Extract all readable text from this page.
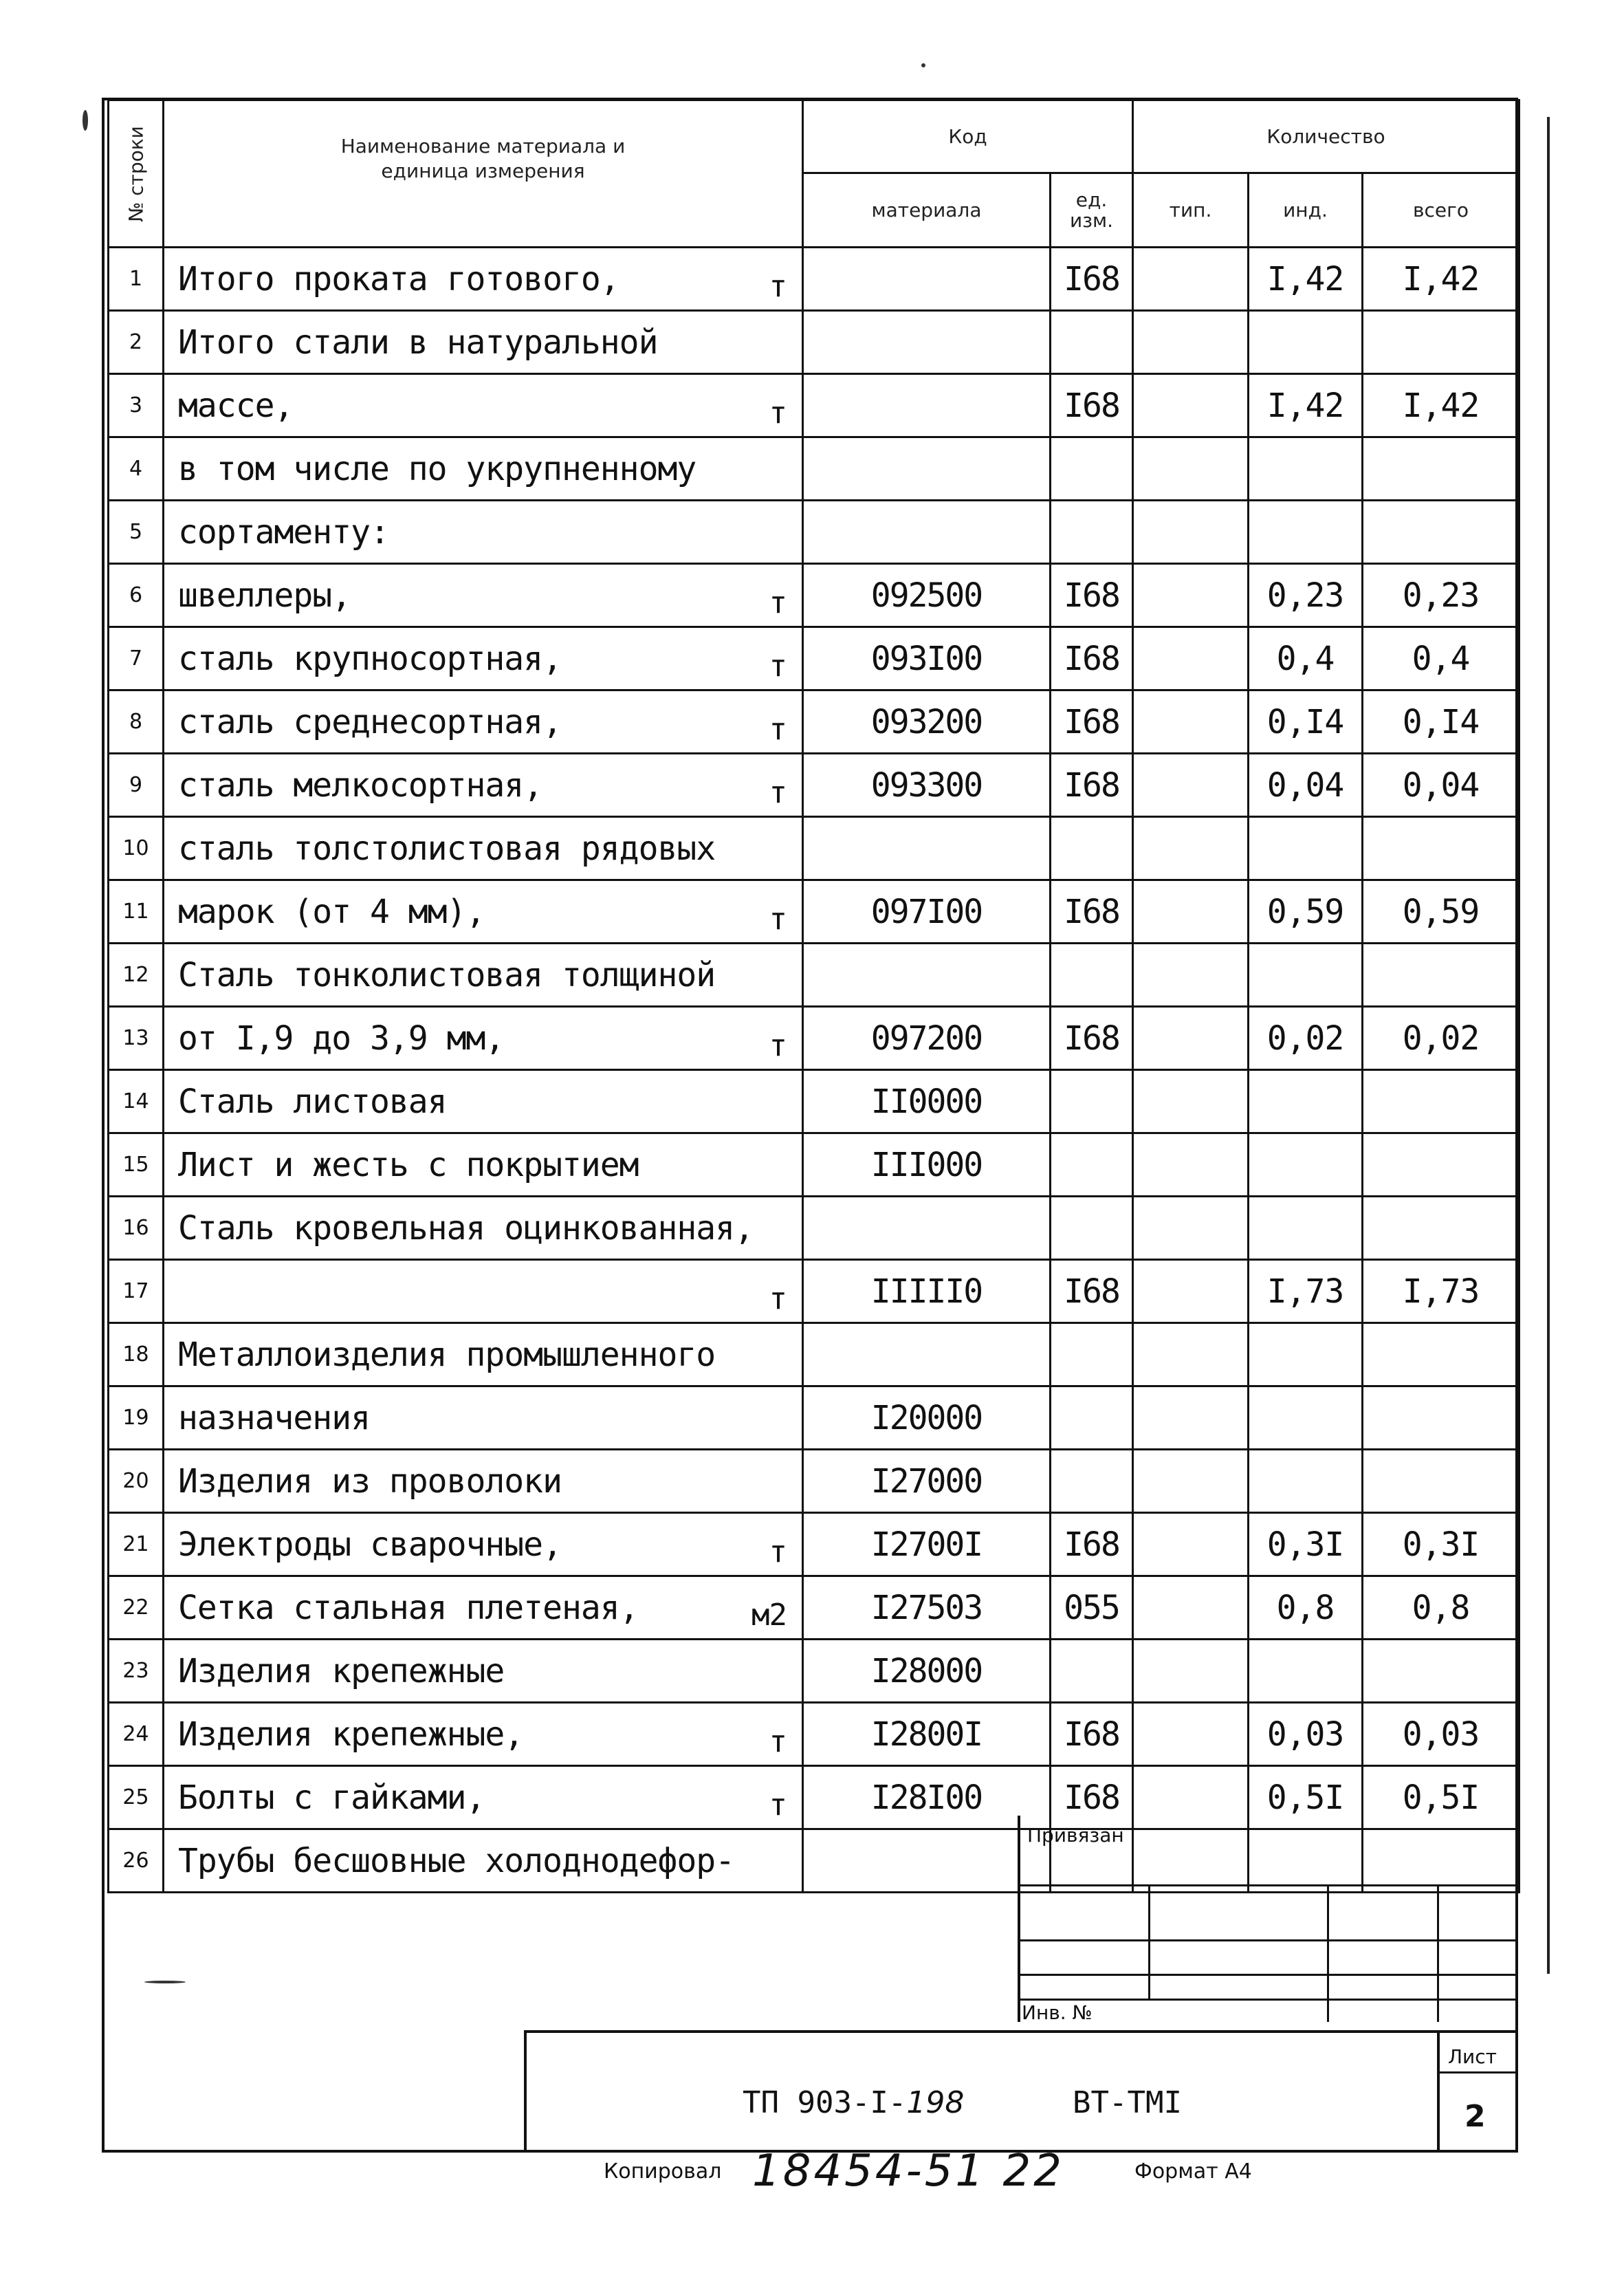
№ строки	Наименование материала и единица измерения	Код		Количество		
		материала	ед. изм.	тип.	инд.	всего
1	Итого проката готового, т		I68		I,42	I,42
2	Итого стали в натуральной

3	массе, т		I68		I,42	I,42
4	в том числе по укрупненному

5	сортаменту:

6	швеллеры, т	092500	I68		0,23	0,23
7	сталь крупносортная, т	093I00	I68		0,4	0,4
8	сталь среднесортная, т	093200	I68		0,I4	0,I4
9	сталь мелкосортная, т	093300	I68		0,04	0,04
10	сталь толстолистовая рядовых

11	марок (от 4 мм), т	097I00	I68		0,59	0,59
12	Сталь тонколистовая толщиной

13	от I,9 до 3,9 мм, т	097200	I68		0,02	0,02
14	Сталь листовая	II0000				
15	Лист и жесть с покрытием	III000				
16	Сталь кровельная оцинкованная,

17	т	IIIII0	I68		I,73	I,73
18	Металлоизделия промышленного

19	назначения	I20000				
20	Изделия из проволоки	I27000				
21	Электроды сварочные, т	I2700I	I68		0,3I	0,3I
22	Сетка стальная плетеная, м2	I27503	055		0,8	0,8
23	Изделия крепежные	I28000				
24	Изделия крепежные, т	I2800I	I68		0,03	0,03
25	Болты с гайками, т	I28I00	I68		0,5I	0,5I
26	Трубы бесшовные холоднодефор-

Привязан
Инв. №
Лист
2
ТП 903-I-198	ВТ-ТМI
Копировал 18454-51 22	Формат А4
